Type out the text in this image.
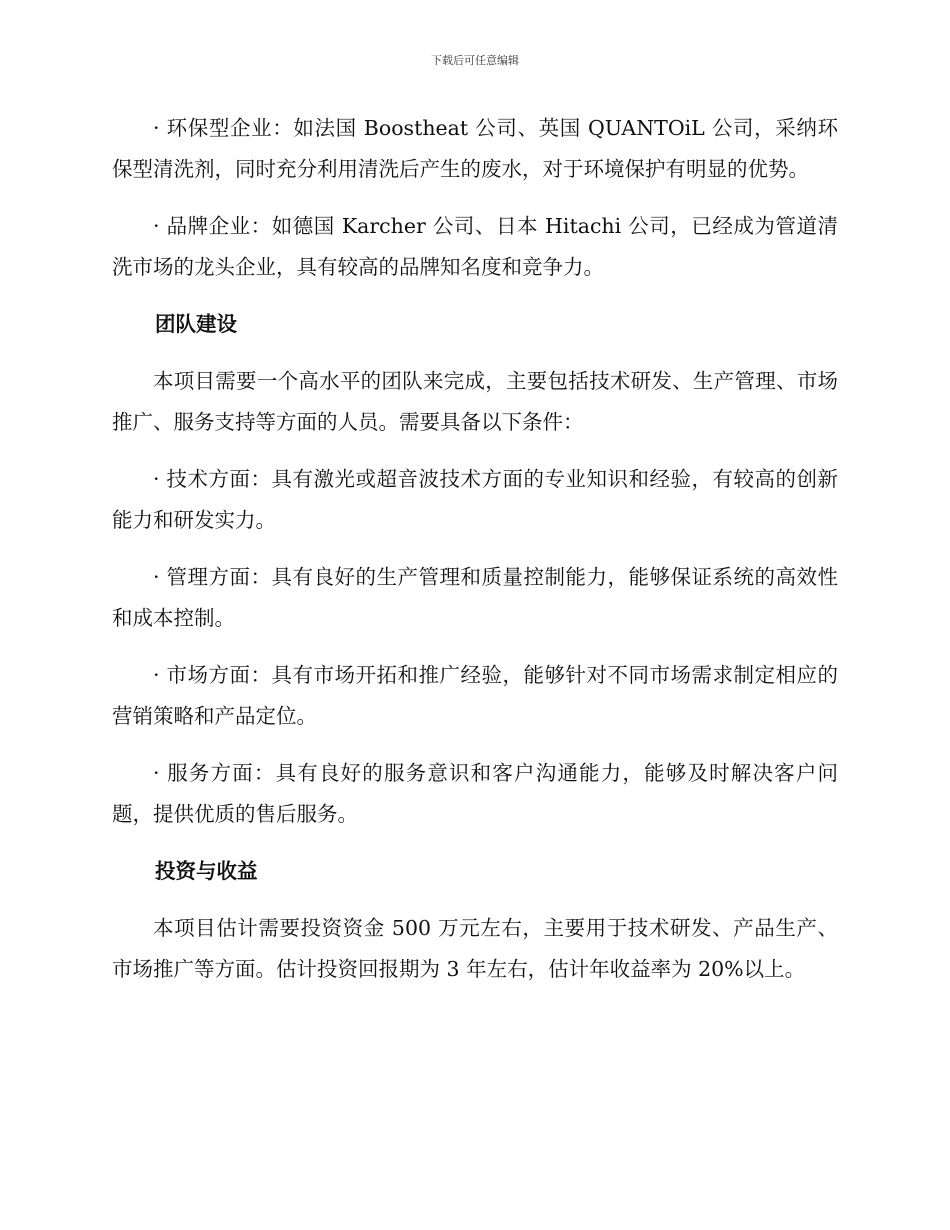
下载后可任意编辑

· 环保型企业：如法国 Boostheat 公司、英国 QUANTOiL 公司，采纳环保型清洗剂，同时充分利用清洗后产生的废水，对于环境保护有明显的优势。

· 品牌企业：如德国 Karcher 公司、日本 Hitachi 公司，已经成为管道清洗市场的龙头企业，具有较高的品牌知名度和竞争力。

团队建设

本项目需要一个高水平的团队来完成，主要包括技术研发、生产管理、市场推广、服务支持等方面的人员。需要具备以下条件：

· 技术方面：具有激光或超音波技术方面的专业知识和经验，有较高的创新能力和研发实力。

· 管理方面：具有良好的生产管理和质量控制能力，能够保证系统的高效性和成本控制。

· 市场方面：具有市场开拓和推广经验，能够针对不同市场需求制定相应的营销策略和产品定位。

· 服务方面：具有良好的服务意识和客户沟通能力，能够及时解决客户问题，提供优质的售后服务。

投资与收益

本项目估计需要投资资金 500 万元左右，主要用于技术研发、产品生产、市场推广等方面。估计投资回报期为 3 年左右，估计年收益率为 20%以上。
